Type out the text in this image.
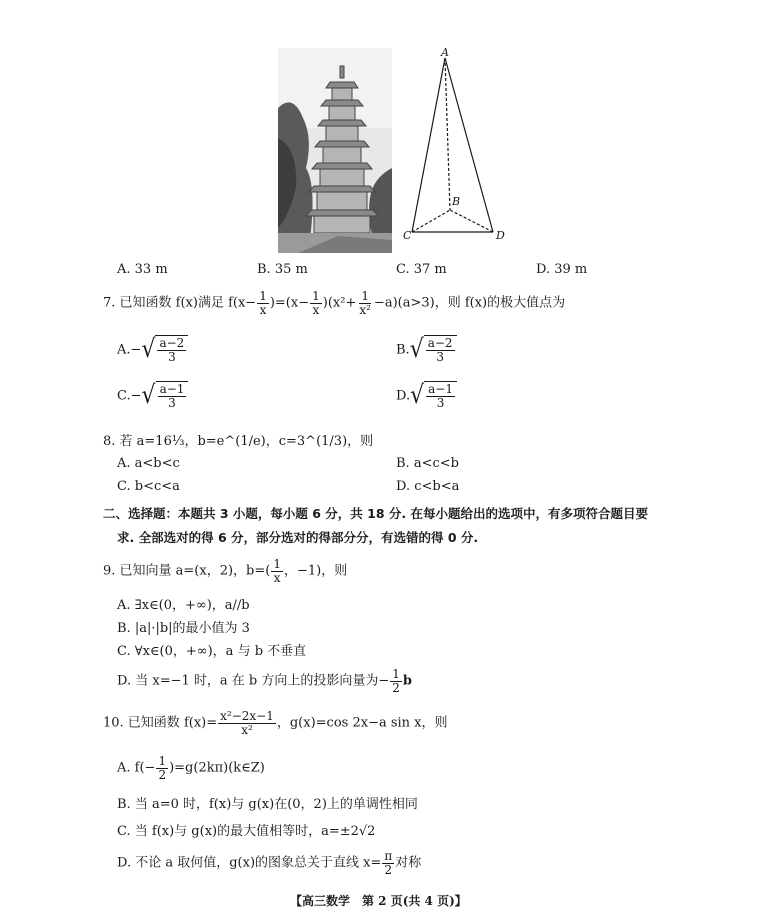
A
B
C	D
A. 33 m	B. 35 m	C. 37 m	D. 39 m
7. 已知函数 f(x)满足 $f(x- \frac{1}{x} )=(x- \frac{1}{x} )(x^2+ \frac{1}{\text{x²}} -a)(a>3)$，则 f(x)的极大值点为
A.− √ $\frac{a-2}{3}$	B. √ $\frac{a-2}{3}$
C.− √ $\frac{a-1}{3}$	D. √ $\frac{a-1}{3}$
8. 若 a=16⅓，b=e^(1/e)，c=3^(1/3)，则
A. a<b<c	B. a<c<b
C. b<c<a	D. c<b<a
二、选择题：本题共 3 小题，每小题 6 分，共 18 分. 在每小题给出的选项中，有多项符合题目要
求. 全部选对的得 6 分，部分选对的得部分分，有选错的得 0 分.
9. 已知向量 a=(x，2)，$b=( \frac{1}{x}$ ，−1)，则
A. ∃x∈(0，+∞)，a//b
B. |a|·|b|的最小值为 3
C. ∀x∈(0，+∞)，a 与 b 不垂直
D. 当 x=−1 时，a 在 b 方向上的投影向量为− $\frac{1}{2}$ b
10. 已知函数 $f(x)= \frac{\text{x²−2x−1}}{\text{x²}}$ ，g(x)=cos 2x−a sin x，则
A. $f(- \frac{1}{2}$ )=g(2kπ)(k∈Z)
B. 当 a=0 时，f(x)与 g(x)在(0，2)上的单调性相同
C. 当 f(x)与 g(x)的最大值相等时，a=±2√2
D. 不论 a 取何值，g(x)的图象总关于直线 $x= \frac{\pi}{2}$ 对称
【高三数学　第 2 页(共 4 页)】
